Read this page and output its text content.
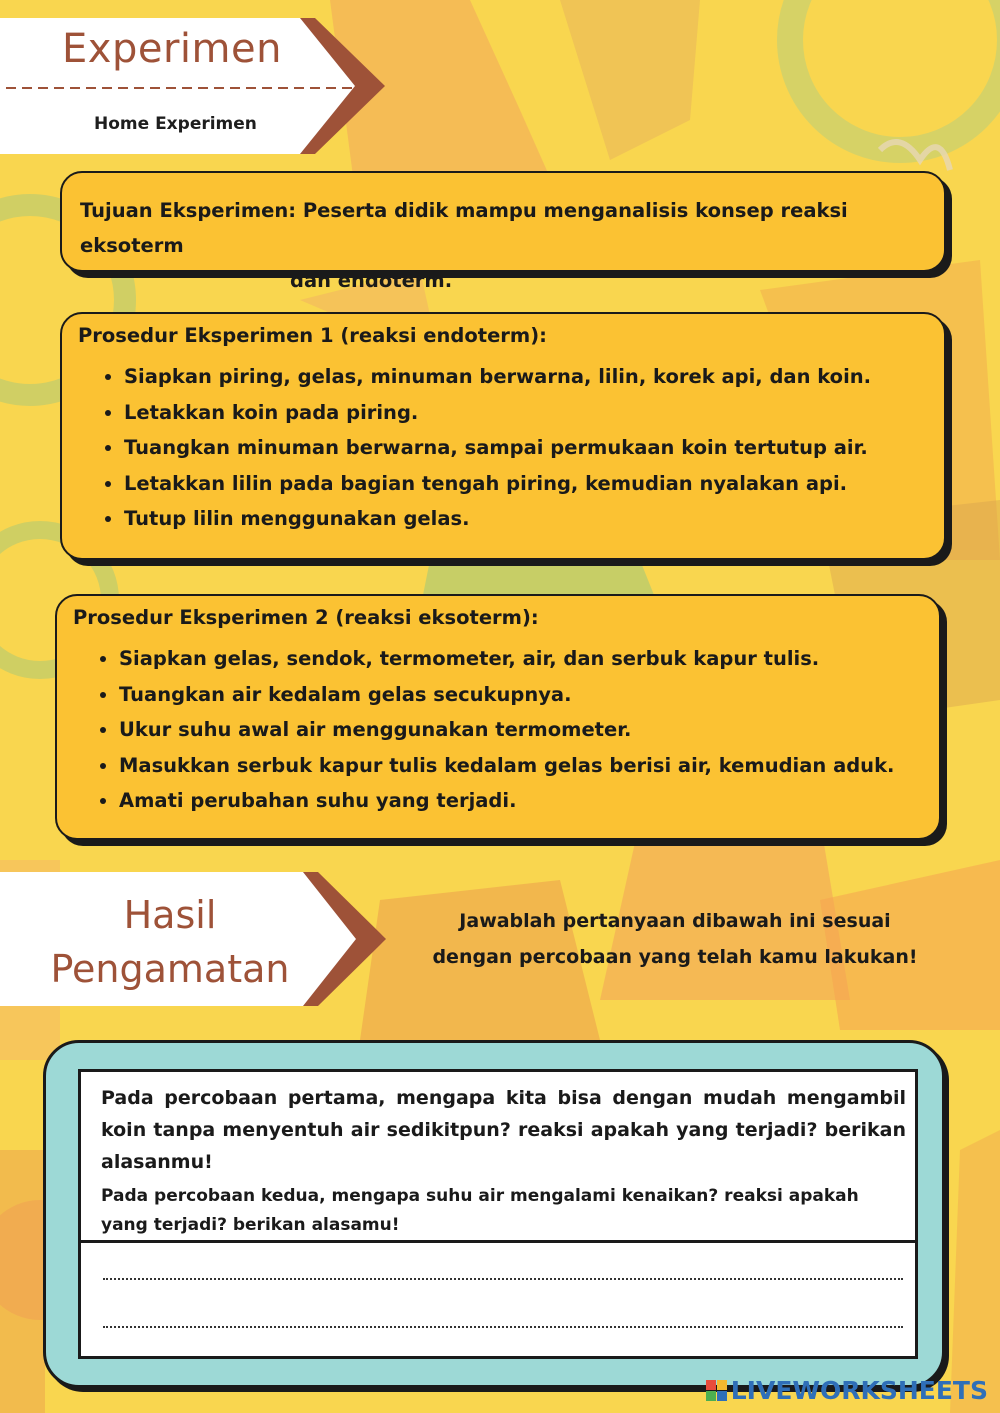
Experimen
Home Experimen
Tujuan Eksperimen: Peserta didik mampu menganalisis konsep reaksi eksoterm
dan endoterm.
Prosedur Eksperimen 1 (reaksi endoterm):
• Siapkan piring, gelas, minuman berwarna, lilin, korek api, dan koin.
• Letakkan koin pada piring.
• Tuangkan minuman berwarna, sampai permukaan koin tertutup air.
• Letakkan lilin pada bagian tengah piring, kemudian nyalakan api.
• Tutup lilin menggunakan gelas.
Prosedur Eksperimen 2 (reaksi eksoterm):
• Siapkan gelas, sendok, termometer, air, dan serbuk kapur tulis.
• Tuangkan air kedalam gelas secukupnya.
• Ukur suhu awal air menggunakan termometer.
• Masukkan serbuk kapur tulis kedalam gelas berisi air, kemudian aduk.
• Amati perubahan suhu yang terjadi.
Hasil
Pengamatan
Jawablah pertanyaan dibawah ini sesuai
dengan percobaan yang telah kamu lakukan!
Pada percobaan pertama, mengapa kita bisa dengan mudah mengambil koin tanpa menyentuh air sedikitpun? reaksi apakah yang terjadi? berikan alasanmu!
Pada percobaan kedua, mengapa suhu air mengalami kenaikan? reaksi apakah yang terjadi? berikan alasamu!
LIVEWORKSHEETS
